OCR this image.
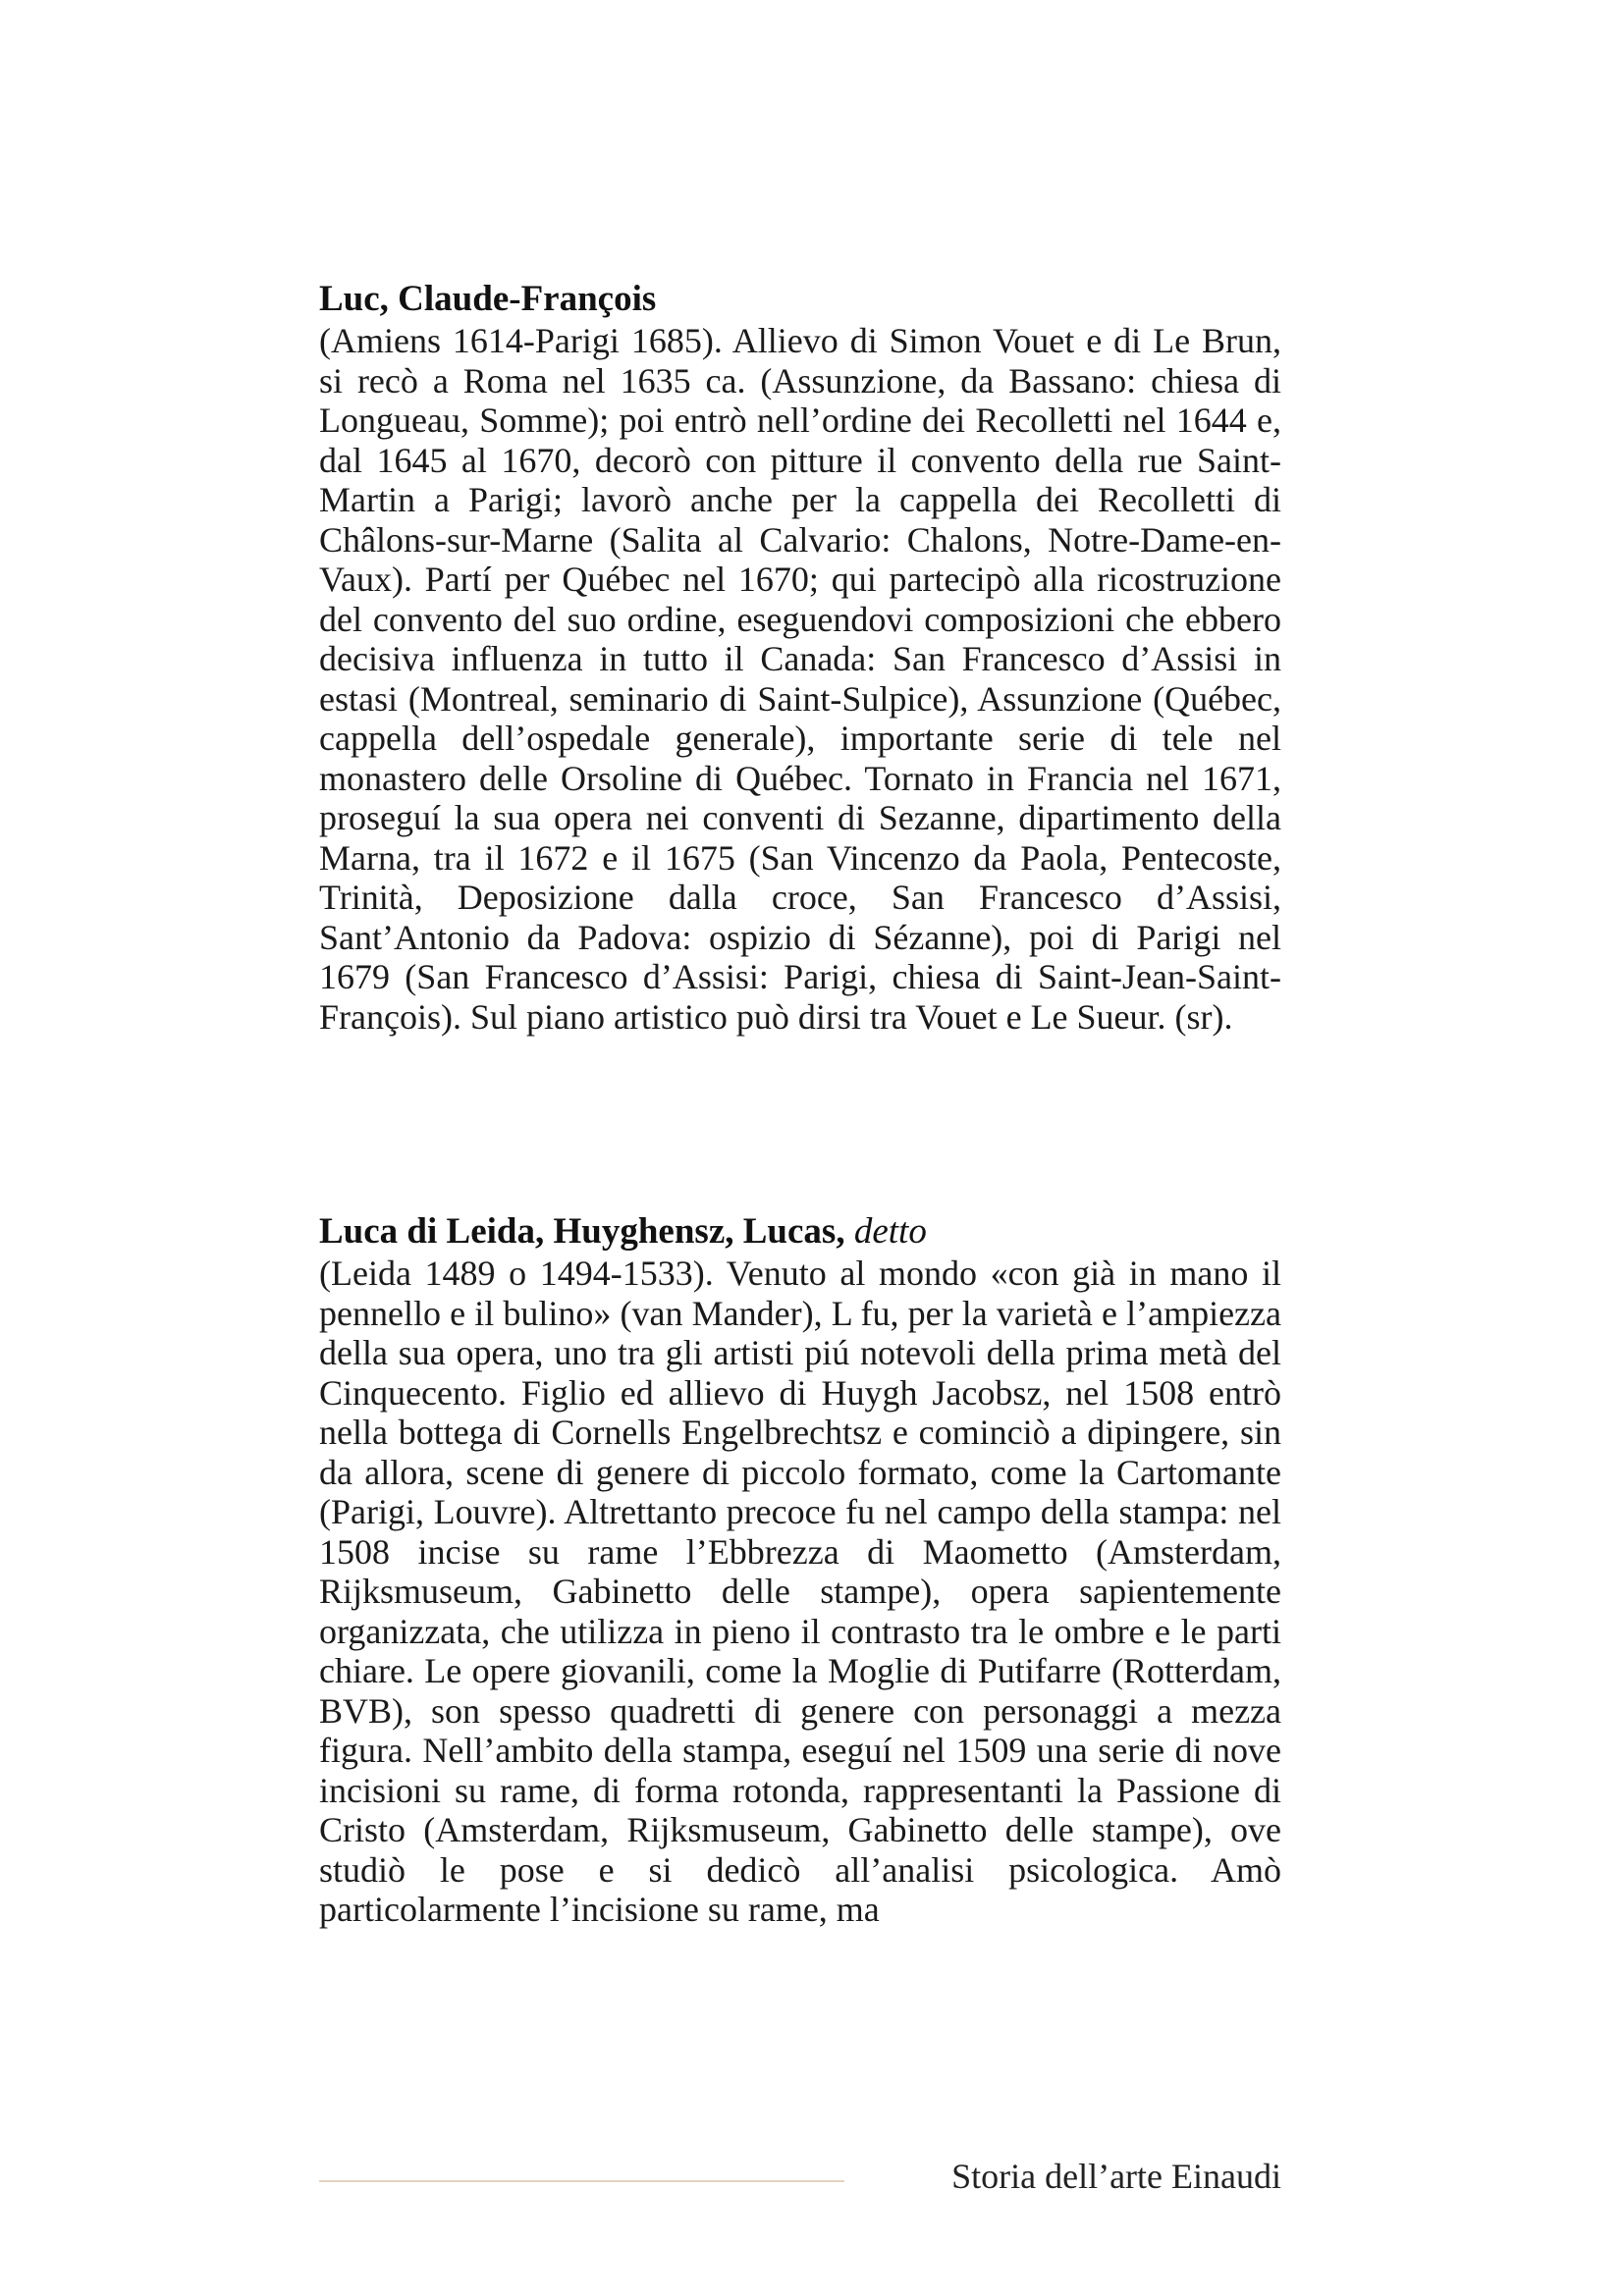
Luc, Claude-François

(Amiens 1614-Parigi 1685). Allievo di Simon Vouet e di Le Brun, si recò a Roma nel 1635 ca. (Assunzione, da Bassano: chiesa di Longueau, Somme); poi entrò nell’ordine dei Recolletti nel 1644 e, dal 1645 al 1670, decorò con pitture il convento della rue Saint-Martin a Parigi; lavorò anche per la cappella dei Recolletti di Châlons-sur-Marne (Salita al Calvario: Chalons, Notre-Dame-en-Vaux). Partí per Québec nel 1670; qui partecipò alla ricostruzione del convento del suo ordine, eseguendovi composizioni che ebbero decisiva influenza in tutto il Canada: San Francesco d’Assisi in estasi (Montreal, seminario di Saint-Sulpice), Assunzione (Québec, cappella dell’ospedale generale), importante serie di tele nel monastero delle Orsoline di Québec. Tornato in Francia nel 1671, proseguí la sua opera nei conventi di Sezanne, dipartimento della Marna, tra il 1672 e il 1675 (San Vincenzo da Paola, Pentecoste, Trinità, Deposizione dalla croce, San Francesco d’Assisi, Sant’Antonio da Padova: ospizio di Sézanne), poi di Parigi nel 1679 (San Francesco d’Assisi: Parigi, chiesa di Saint-Jean-Saint-François). Sul piano artistico può dirsi tra Vouet e Le Sueur. (sr).

Luca di Leida, Huyghensz, Lucas, detto

(Leida 1489 o 1494-1533). Venuto al mondo «con già in mano il pennello e il bulino» (van Mander), L fu, per la varietà e l’ampiezza della sua opera, uno tra gli artisti piú notevoli della prima metà del Cinquecento. Figlio ed allievo di Huygh Jacobsz, nel 1508 entrò nella bottega di Cornells Engelbrechtsz e cominciò a dipingere, sin da allora, scene di genere di piccolo formato, come la Cartomante (Parigi, Louvre). Altrettanto precoce fu nel campo della stampa: nel 1508 incise su rame l’Ebbrezza di Maometto (Amsterdam, Rijksmuseum, Gabinetto delle stampe), opera sapientemente organizzata, che utilizza in pieno il contrasto tra le ombre e le parti chiare. Le opere giovanili, come la Moglie di Putifarre (Rotterdam, BVB), son spesso quadretti di genere con personaggi a mezza figura. Nell’ambito della stampa, eseguí nel 1509 una serie di nove incisioni su rame, di forma rotonda, rappresentanti la Passione di Cristo (Amsterdam, Rijksmuseum, Gabinetto delle stampe), ove studiò le pose e si dedicò all’analisi psicologica. Amò particolarmente l’incisione su rame, ma

Storia dell’arte Einaudi
